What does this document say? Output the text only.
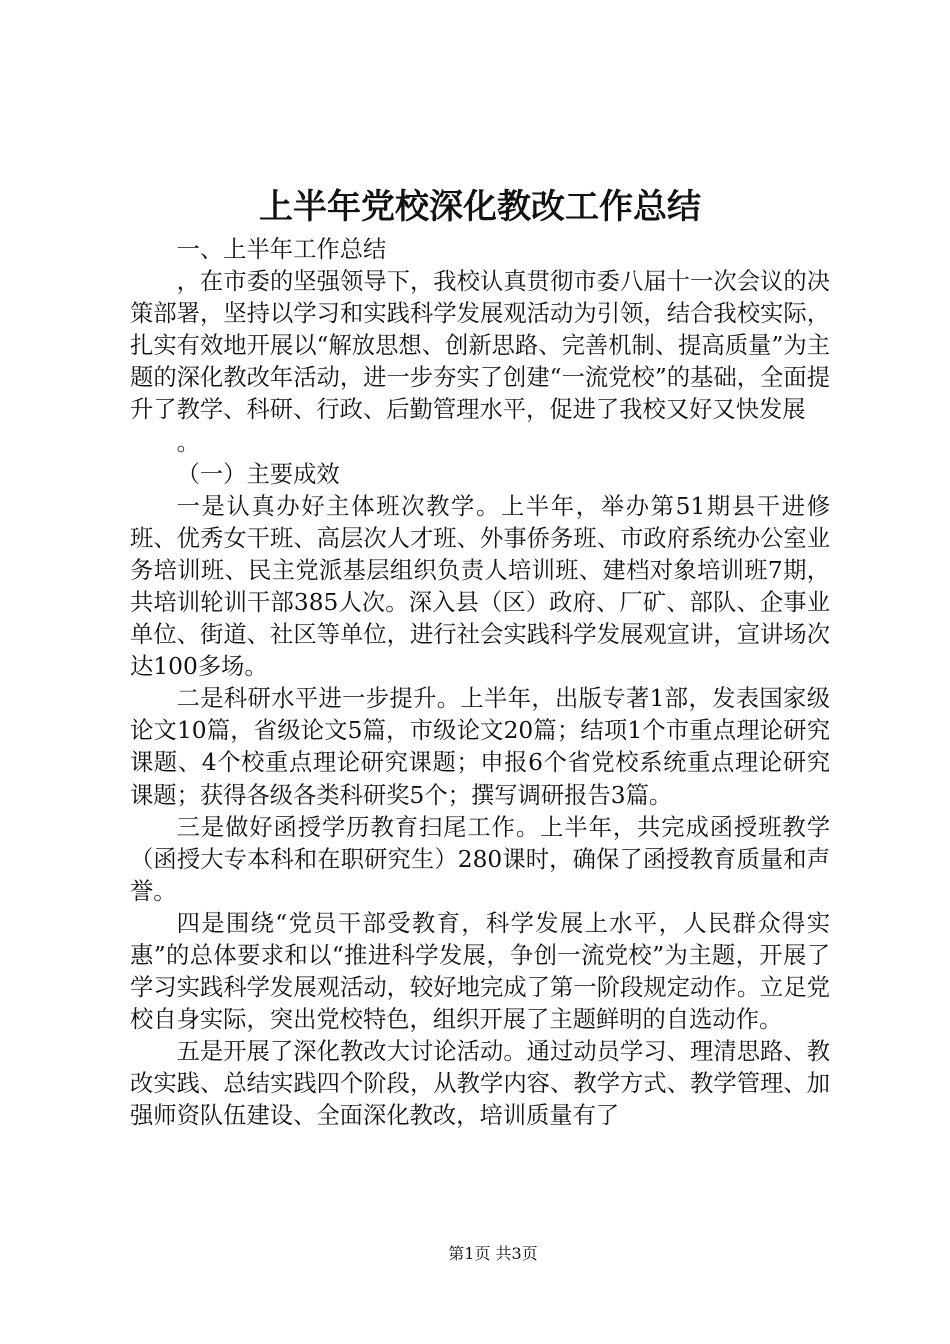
上半年党校深化教改工作总结

一、上半年工作总结

，在市委的坚强领导下，我校认真贯彻市委八届十一次会议的决策部署，坚持以学习和实践科学发展观活动为引领，结合我校实际，扎实有效地开展以“解放思想、创新思路、完善机制、提高质量”为主题的深化教改年活动，进一步夯实了创建“一流党校”的基础，全面提升了教学、科研、行政、后勤管理水平，促进了我校又好又快发展

。

（一）主要成效

一是认真办好主体班次教学。上半年，举办第51期县干进修班、优秀女干班、高层次人才班、外事侨务班、市政府系统办公室业务培训班、民主党派基层组织负责人培训班、建档对象培训班7期，共培训轮训干部385人次。深入县（区）政府、厂矿、部队、企事业单位、街道、社区等单位，进行社会实践科学发展观宣讲，宣讲场次达100多场。

二是科研水平进一步提升。上半年，出版专著1部，发表国家级论文10篇，省级论文5篇，市级论文20篇；结项1个市重点理论研究课题、4个校重点理论研究课题；申报6个省党校系统重点理论研究课题；获得各级各类科研奖5个；撰写调研报告3篇。

三是做好函授学历教育扫尾工作。上半年，共完成函授班教学（函授大专本科和在职研究生）280课时，确保了函授教育质量和声誉。

四是围绕“党员干部受教育，科学发展上水平，人民群众得实惠”的总体要求和以“推进科学发展，争创一流党校”为主题，开展了学习实践科学发展观活动，较好地完成了第一阶段规定动作。立足党校自身实际，突出党校特色，组织开展了主题鲜明的自选动作。

五是开展了深化教改大讨论活动。通过动员学习、理清思路、教改实践、总结实践四个阶段，从教学内容、教学方式、教学管理、加强师资队伍建设、全面深化教改，培训质量有了

第1页 共3页
